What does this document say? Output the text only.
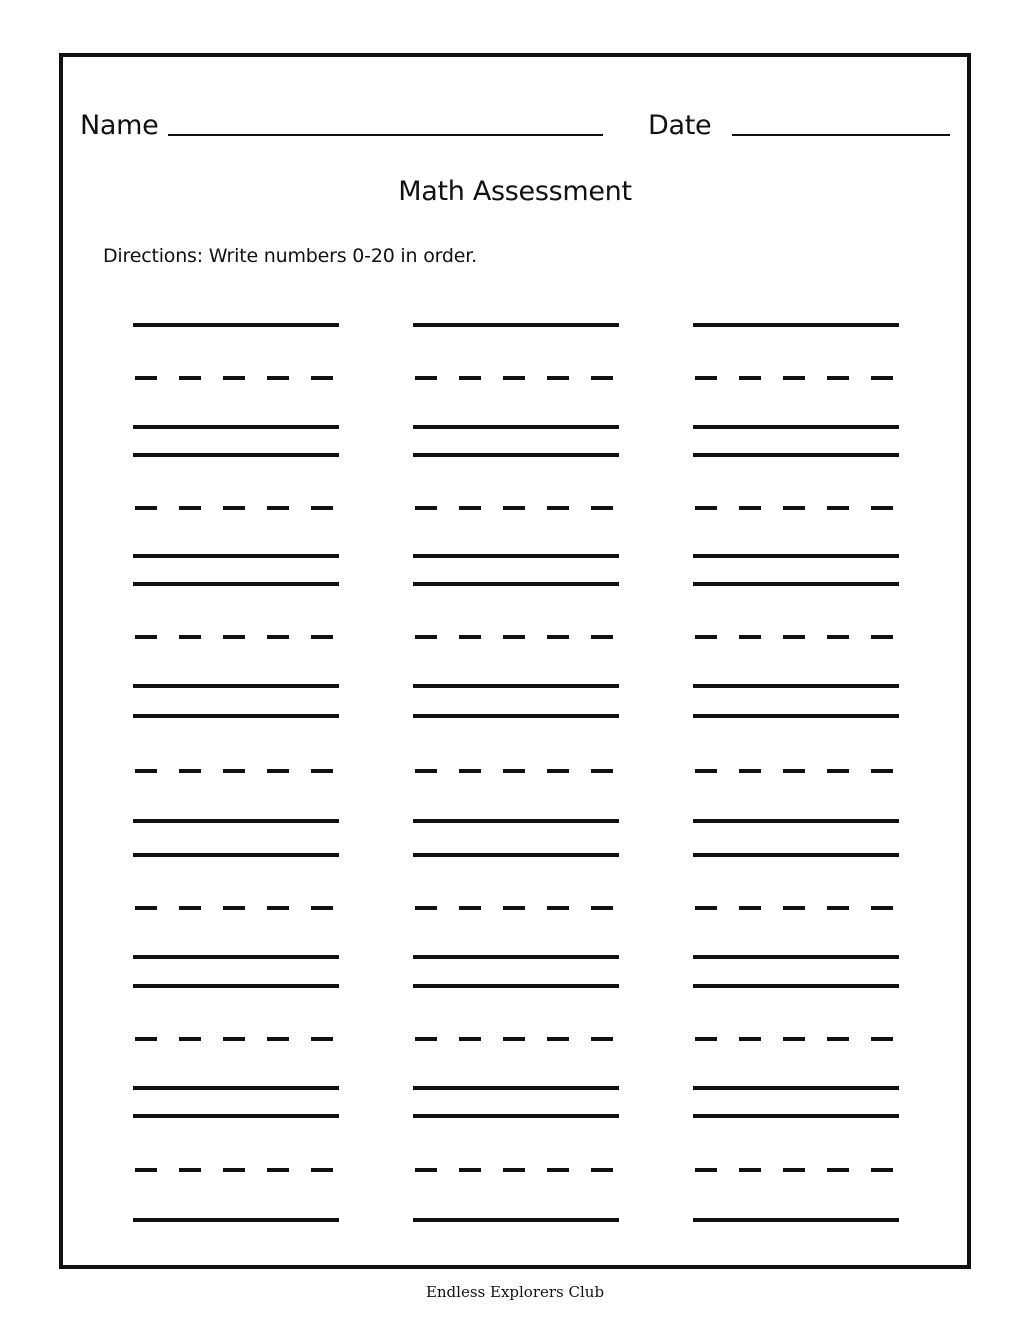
Name	Date
Math Assessment
Directions: Write numbers 0-20 in order.
Endless Explorers Club
